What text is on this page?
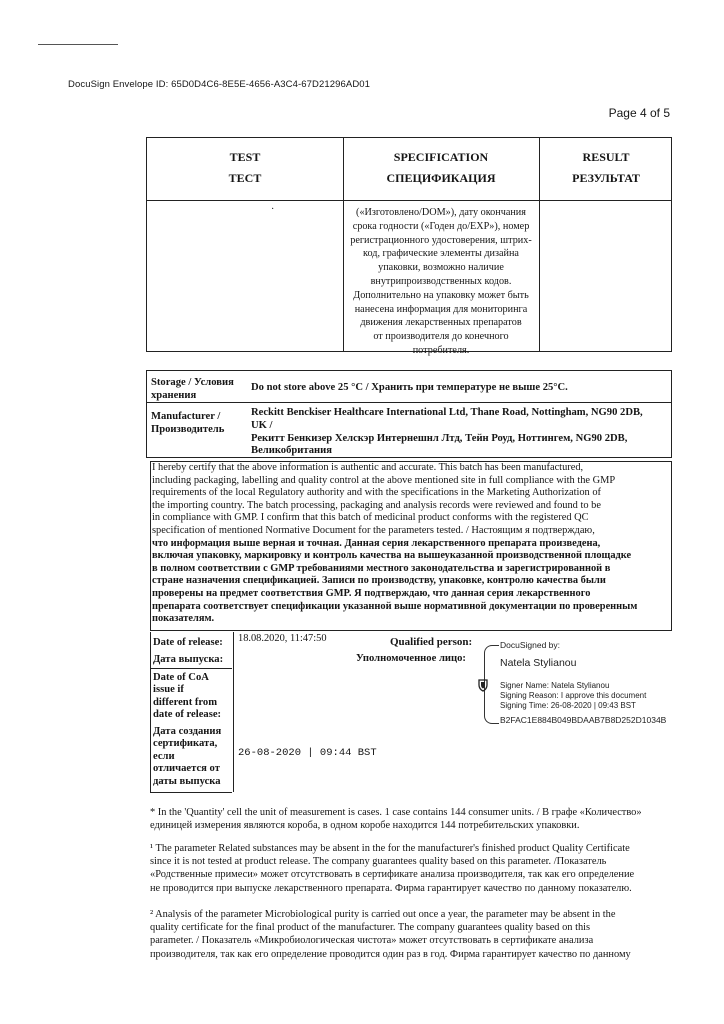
DocuSign Envelope ID: 65D0D4C6-8E5E-4656-A3C4-67D21296AD01
Page 4 of 5
TEST
ТЕСТ
SPECIFICATION
СПЕЦИФИКАЦИЯ
RESULT
РЕЗУЛЬТАТ
·	(«Изготовлено/DOM»), дату окончания
срока годности («Годен до/EXP»), номер
регистрационного удостоверения, штрих-
код, графические элементы дизайна
упаковки, возможно наличие
внутрипроизводственных кодов.
Дополнительно на упаковку может быть
нанесена информация для мониторинга
движения лекарственных препаратов
от производителя до конечного
потребителя.
Storage / Условия
хранения
Do not store above 25 °C / Хранить при температуре не выше 25°C.
Manufacturer /
Производитель
Reckitt Benckiser Healthcare International Ltd, Thane Road, Nottingham, NG90 2DB,
UK /
Рекитт Бенкизер Хелскэр Интернешнл Лтд, Тейн Роуд, Ноттингем, NG90 2DB,
Великобритания
I hereby certify that the above information is authentic and accurate. This batch has been manufactured,
including packaging, labelling and quality control at the above mentioned site in full compliance with the GMP
requirements of the local Regulatory authority and with the specifications in the Marketing Authorization of
the importing country. The batch processing, packaging and analysis records were reviewed and found to be
in compliance with GMP. I confirm that this batch of medicinal product conforms with the registered QC
specification of mentioned Normative Document for the parameters tested. / Настоящим я подтверждаю,
что информация выше верная и точная. Данная серия лекарственного препарата произведена,
включая упаковку, маркировку и контроль качества на вышеуказанной производственной площадке
в полном соответствии с GMP требованиями местного законодательства и зарегистрированной в
стране назначения спецификацией. Записи по производству, упаковке, контролю качества были
проверены на предмет соответствия GMP. Я подтверждаю, что данная серия лекарственного
препарата соответствует спецификации указанной выше нормативной документации по проверенным
показателям.
Date of release:
Дата выпуска:
18.08.2020, 11:47:50
Date of CoA
issue if
different from
date of release:
Дата создания
сертификата,
если
отличается от
даты выпуска
26-08-2020 | 09:44 BST
Qualified person:
Уполномоченное лицо:
DocuSigned by:
Natela Stylianou
Signer Name: Natela Stylianou
Signing Reason: I approve this document
Signing Time: 26-08-2020 | 09:43 BST
B2FAC1E884B049BDAAB7B8D252D1034B
* In the 'Quantity' cell the unit of measurement is cases. 1 case contains 144 consumer units. / В графе «Количество»
единицей измерения являются короба, в одном коробе находится 144 потребительских упаковки.
¹ The parameter Related substances may be absent in the for the manufacturer's finished product Quality Certificate
since it is not tested at product release. The company guarantees quality based on this parameter. /Показатель
«Родственные примеси» может отсутствовать в сертификате анализа производителя, так как его определение
не проводится при выпуске лекарственного препарата. Фирма гарантирует качество по данному показателю.
² Analysis of the parameter Microbiological purity is carried out once a year, the parameter may be absent in the
quality certificate for the final product of the manufacturer. The company guarantees quality based on this
parameter. / Показатель «Микробиологическая чистота» может отсутствовать в сертификате анализа
производителя, так как его определение проводится один раз в год. Фирма гарантирует качество по данному
